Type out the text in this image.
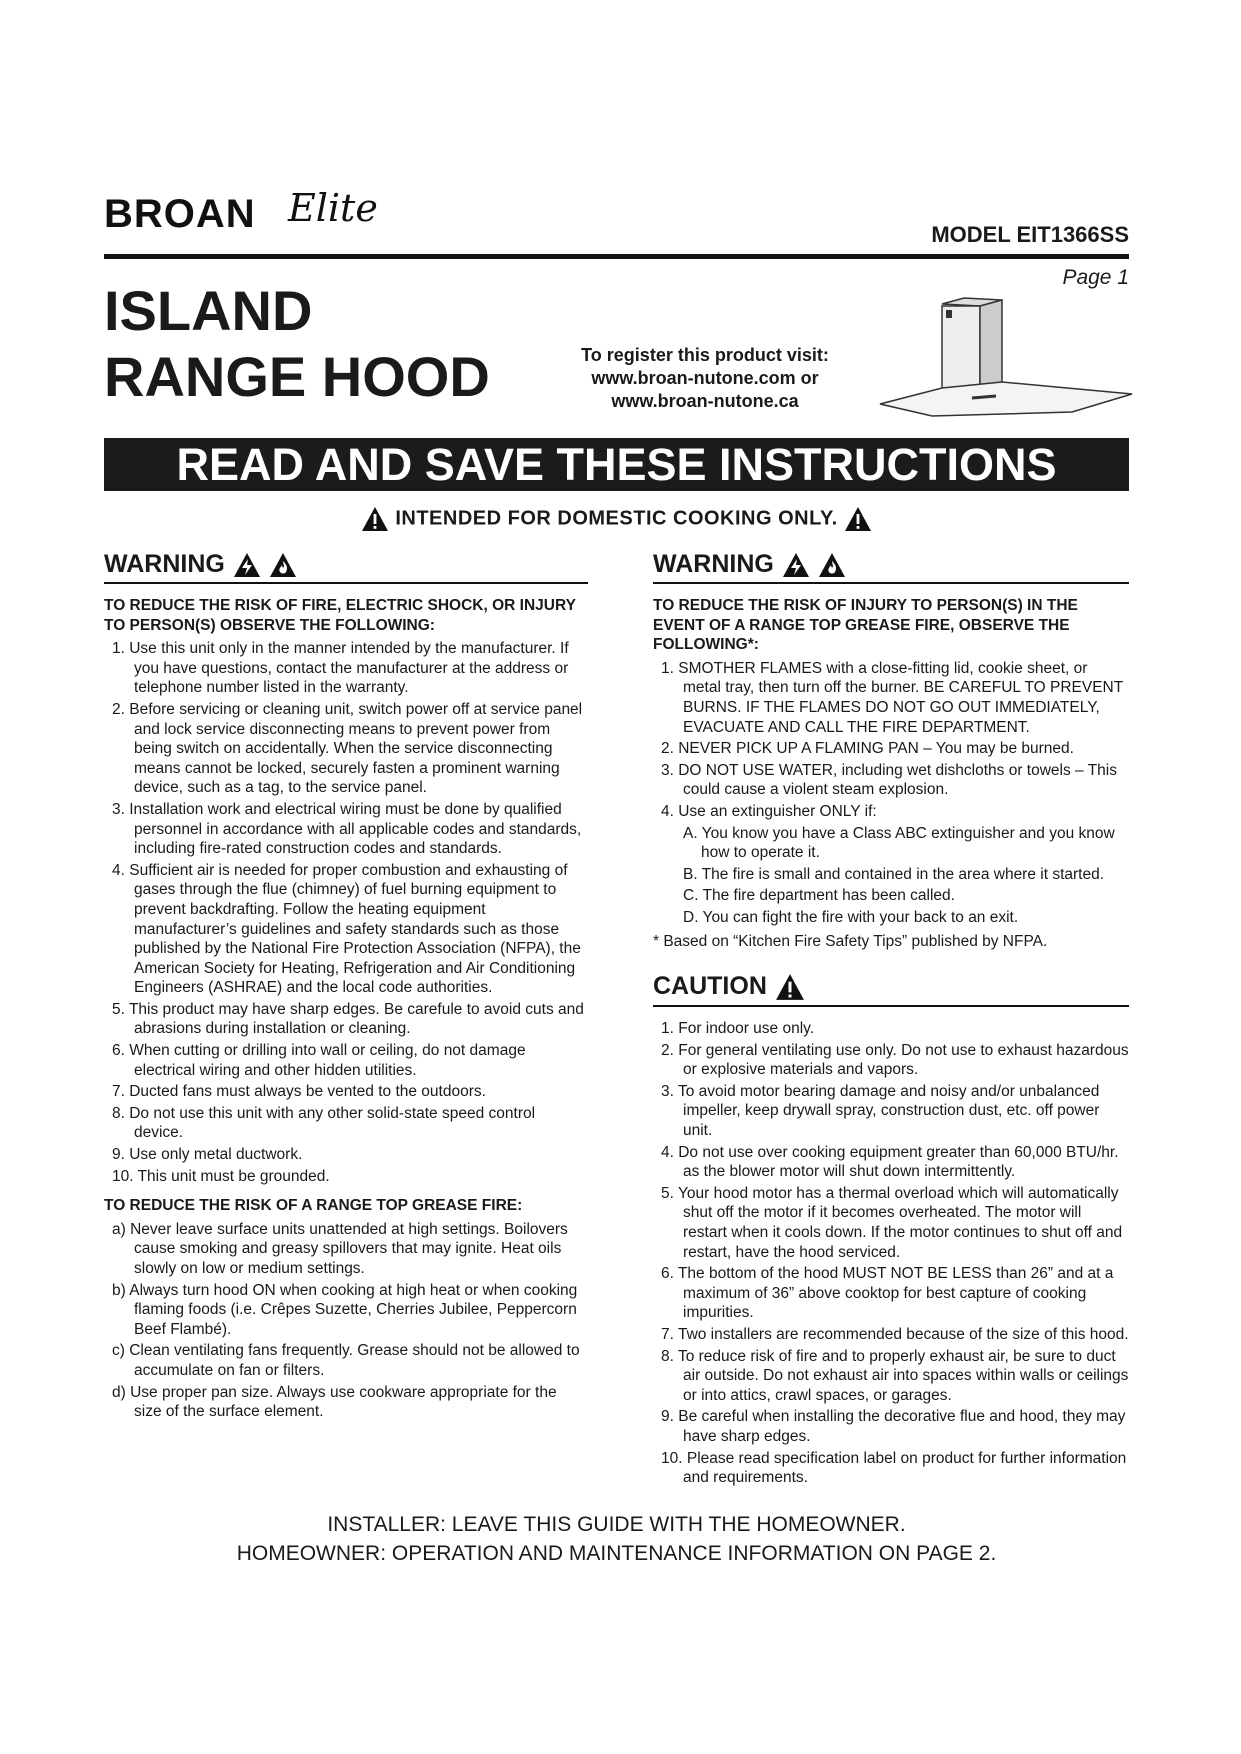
BROAN Elite
MODEL EIT1366SS
Page 1
ISLAND
RANGE HOOD	To register this product visit:
www.broan-nutone.com or
www.broan-nutone.ca
READ AND SAVE THESE INSTRUCTIONS
INTENDED FOR DOMESTIC COOKING ONLY.
WARNING
TO REDUCE THE RISK OF FIRE, ELECTRIC SHOCK, OR INJURY TO PERSON(S) OBSERVE THE FOLLOWING:
1. Use this unit only in the manner intended by the manufacturer. If you have questions, contact the manufacturer at the address or telephone number listed in the warranty.
2. Before servicing or cleaning unit, switch power off at service panel and lock service disconnecting means to prevent power from being switch on accidentally. When the service disconnecting means cannot be locked, securely fasten a prominent warning device, such as a tag, to the service panel.
3. Installation work and electrical wiring must be done by qualified personnel in accordance with all applicable codes and standards, including fire-rated construction codes and standards.
4. Sufficient air is needed for proper combustion and exhausting of gases through the flue (chimney) of fuel burning equipment to prevent backdrafting. Follow the heating equipment manufacturer’s guidelines and safety standards such as those published by the National Fire Protection Association (NFPA), the American Society for Heating, Refrigeration and Air Conditioning Engineers (ASHRAE) and the local code authorities.
5. This product may have sharp edges. Be carefule to avoid cuts and abrasions during installation or cleaning.
6. When cutting or drilling into wall or ceiling, do not damage electrical wiring and other hidden utilities.
7. Ducted fans must always be vented to the outdoors.
8. Do not use this unit with any other solid-state speed control device.
9. Use only metal ductwork.
10. This unit must be grounded.
TO REDUCE THE RISK OF A RANGE TOP GREASE FIRE:
a) Never leave surface units unattended at high settings. Boilovers cause smoking and greasy spillovers that may ignite. Heat oils slowly on low or medium settings.
b) Always turn hood ON when cooking at high heat or when cooking flaming foods (i.e. Crêpes Suzette, Cherries Jubilee, Peppercorn Beef Flambé).
c) Clean ventilating fans frequently. Grease should not be allowed to accumulate on fan or filters.
d) Use proper pan size. Always use cookware appropriate for the size of the surface element.
WARNING
TO REDUCE THE RISK OF INJURY TO PERSON(S) IN THE EVENT OF A RANGE TOP GREASE FIRE, OBSERVE THE FOLLOWING*:
1. SMOTHER FLAMES with a close-fitting lid, cookie sheet, or metal tray, then turn off the burner. BE CAREFUL TO PREVENT BURNS. IF THE FLAMES DO NOT GO OUT IMMEDIATELY, EVACUATE AND CALL THE FIRE DEPARTMENT.
2. NEVER PICK UP A FLAMING PAN – You may be burned.
3. DO NOT USE WATER, including wet dishcloths or towels – This could cause a violent steam explosion.
4. Use an extinguisher ONLY if:
A. You know you have a Class ABC extinguisher and you know how to operate it.
B. The fire is small and contained in the area where it started.
C. The fire department has been called.
D. You can fight the fire with your back to an exit.
* Based on “Kitchen Fire Safety Tips” published by NFPA.
CAUTION
1. For indoor use only.
2. For general ventilating use only. Do not use to exhaust hazardous or explosive materials and vapors.
3. To avoid motor bearing damage and noisy and/or unbalanced impeller, keep drywall spray, construction dust, etc. off power unit.
4. Do not use over cooking equipment greater than 60,000 BTU/hr. as the blower motor will shut down intermittently.
5. Your hood motor has a thermal overload which will automatically shut off the motor if it becomes overheated. The motor will restart when it cools down. If the motor continues to shut off and restart, have the hood serviced.
6. The bottom of the hood MUST NOT BE LESS than 26” and at a maximum of 36” above cooktop for best capture of cooking impurities.
7. Two installers are recommended because of the size of this hood.
8. To reduce risk of fire and to properly exhaust air, be sure to duct air outside. Do not exhaust air into spaces within walls or ceilings or into attics, crawl spaces, or garages.
9. Be careful when installing the decorative flue and hood, they may have sharp edges.
10. Please read specification label on product for further information and requirements.
INSTALLER: LEAVE THIS GUIDE WITH THE HOMEOWNER.
HOMEOWNER: OPERATION AND MAINTENANCE INFORMATION ON PAGE 2.
